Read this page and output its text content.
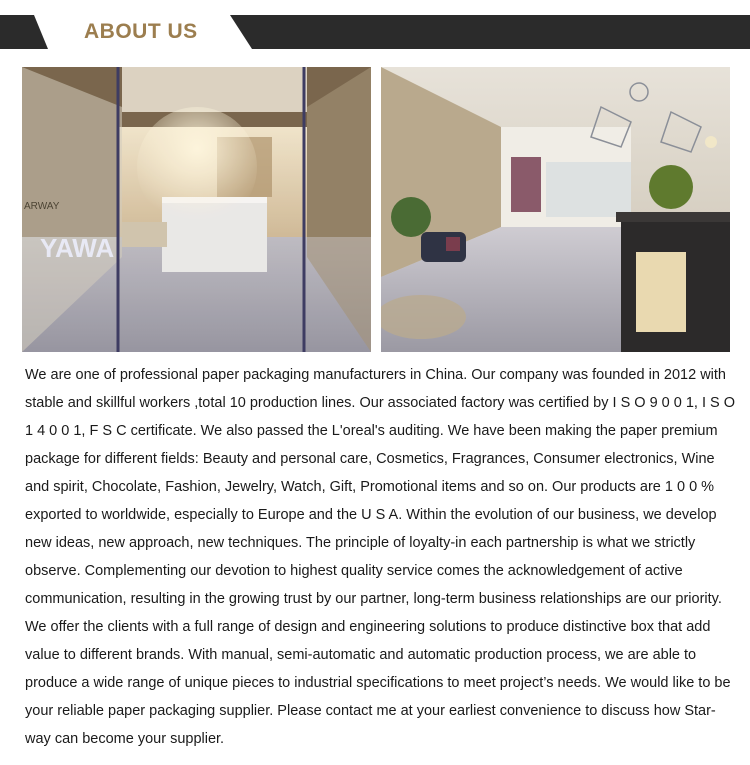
ABOUT US
YAWA
ARWAY

We are one of professional paper packaging manufacturers in China. Our company was founded in 2012 with stable and skillful workers ,total 10 production lines. Our associated factory was certified by I S O 9 0 0 1, I S O 1 4 0 0 1, F S C certificate. We also passed the L'oreal's auditing. We have been making the paper premium package for different fields: Beauty and personal care, Cosmetics, Fragrances, Consumer electronics, Wine and spirit, Chocolate, Fashion, Jewelry, Watch, Gift, Promotional items and so on. Our products are 1 0 0 % exported to worldwide, especially to Europe and the U S A. Within the evolution of our business, we develop new ideas, new approach, new techniques. The principle of loyalty-in each partnership is what we strictly observe. Complementing our devotion to highest quality service comes the acknowledgement of active communication, resulting in the growing trust by our partner, long-term business relationships are our priority. We offer the clients with a full range of design and engineering solutions to produce distinctive box that add value to different brands. With manual, semi-automatic and automatic production process, we are able to produce a wide range of unique pieces to industrial specifications to meet project’s needs. We would like to be your reliable paper packaging supplier. Please contact me at your earliest convenience to discuss how Star-way can become your supplier.
